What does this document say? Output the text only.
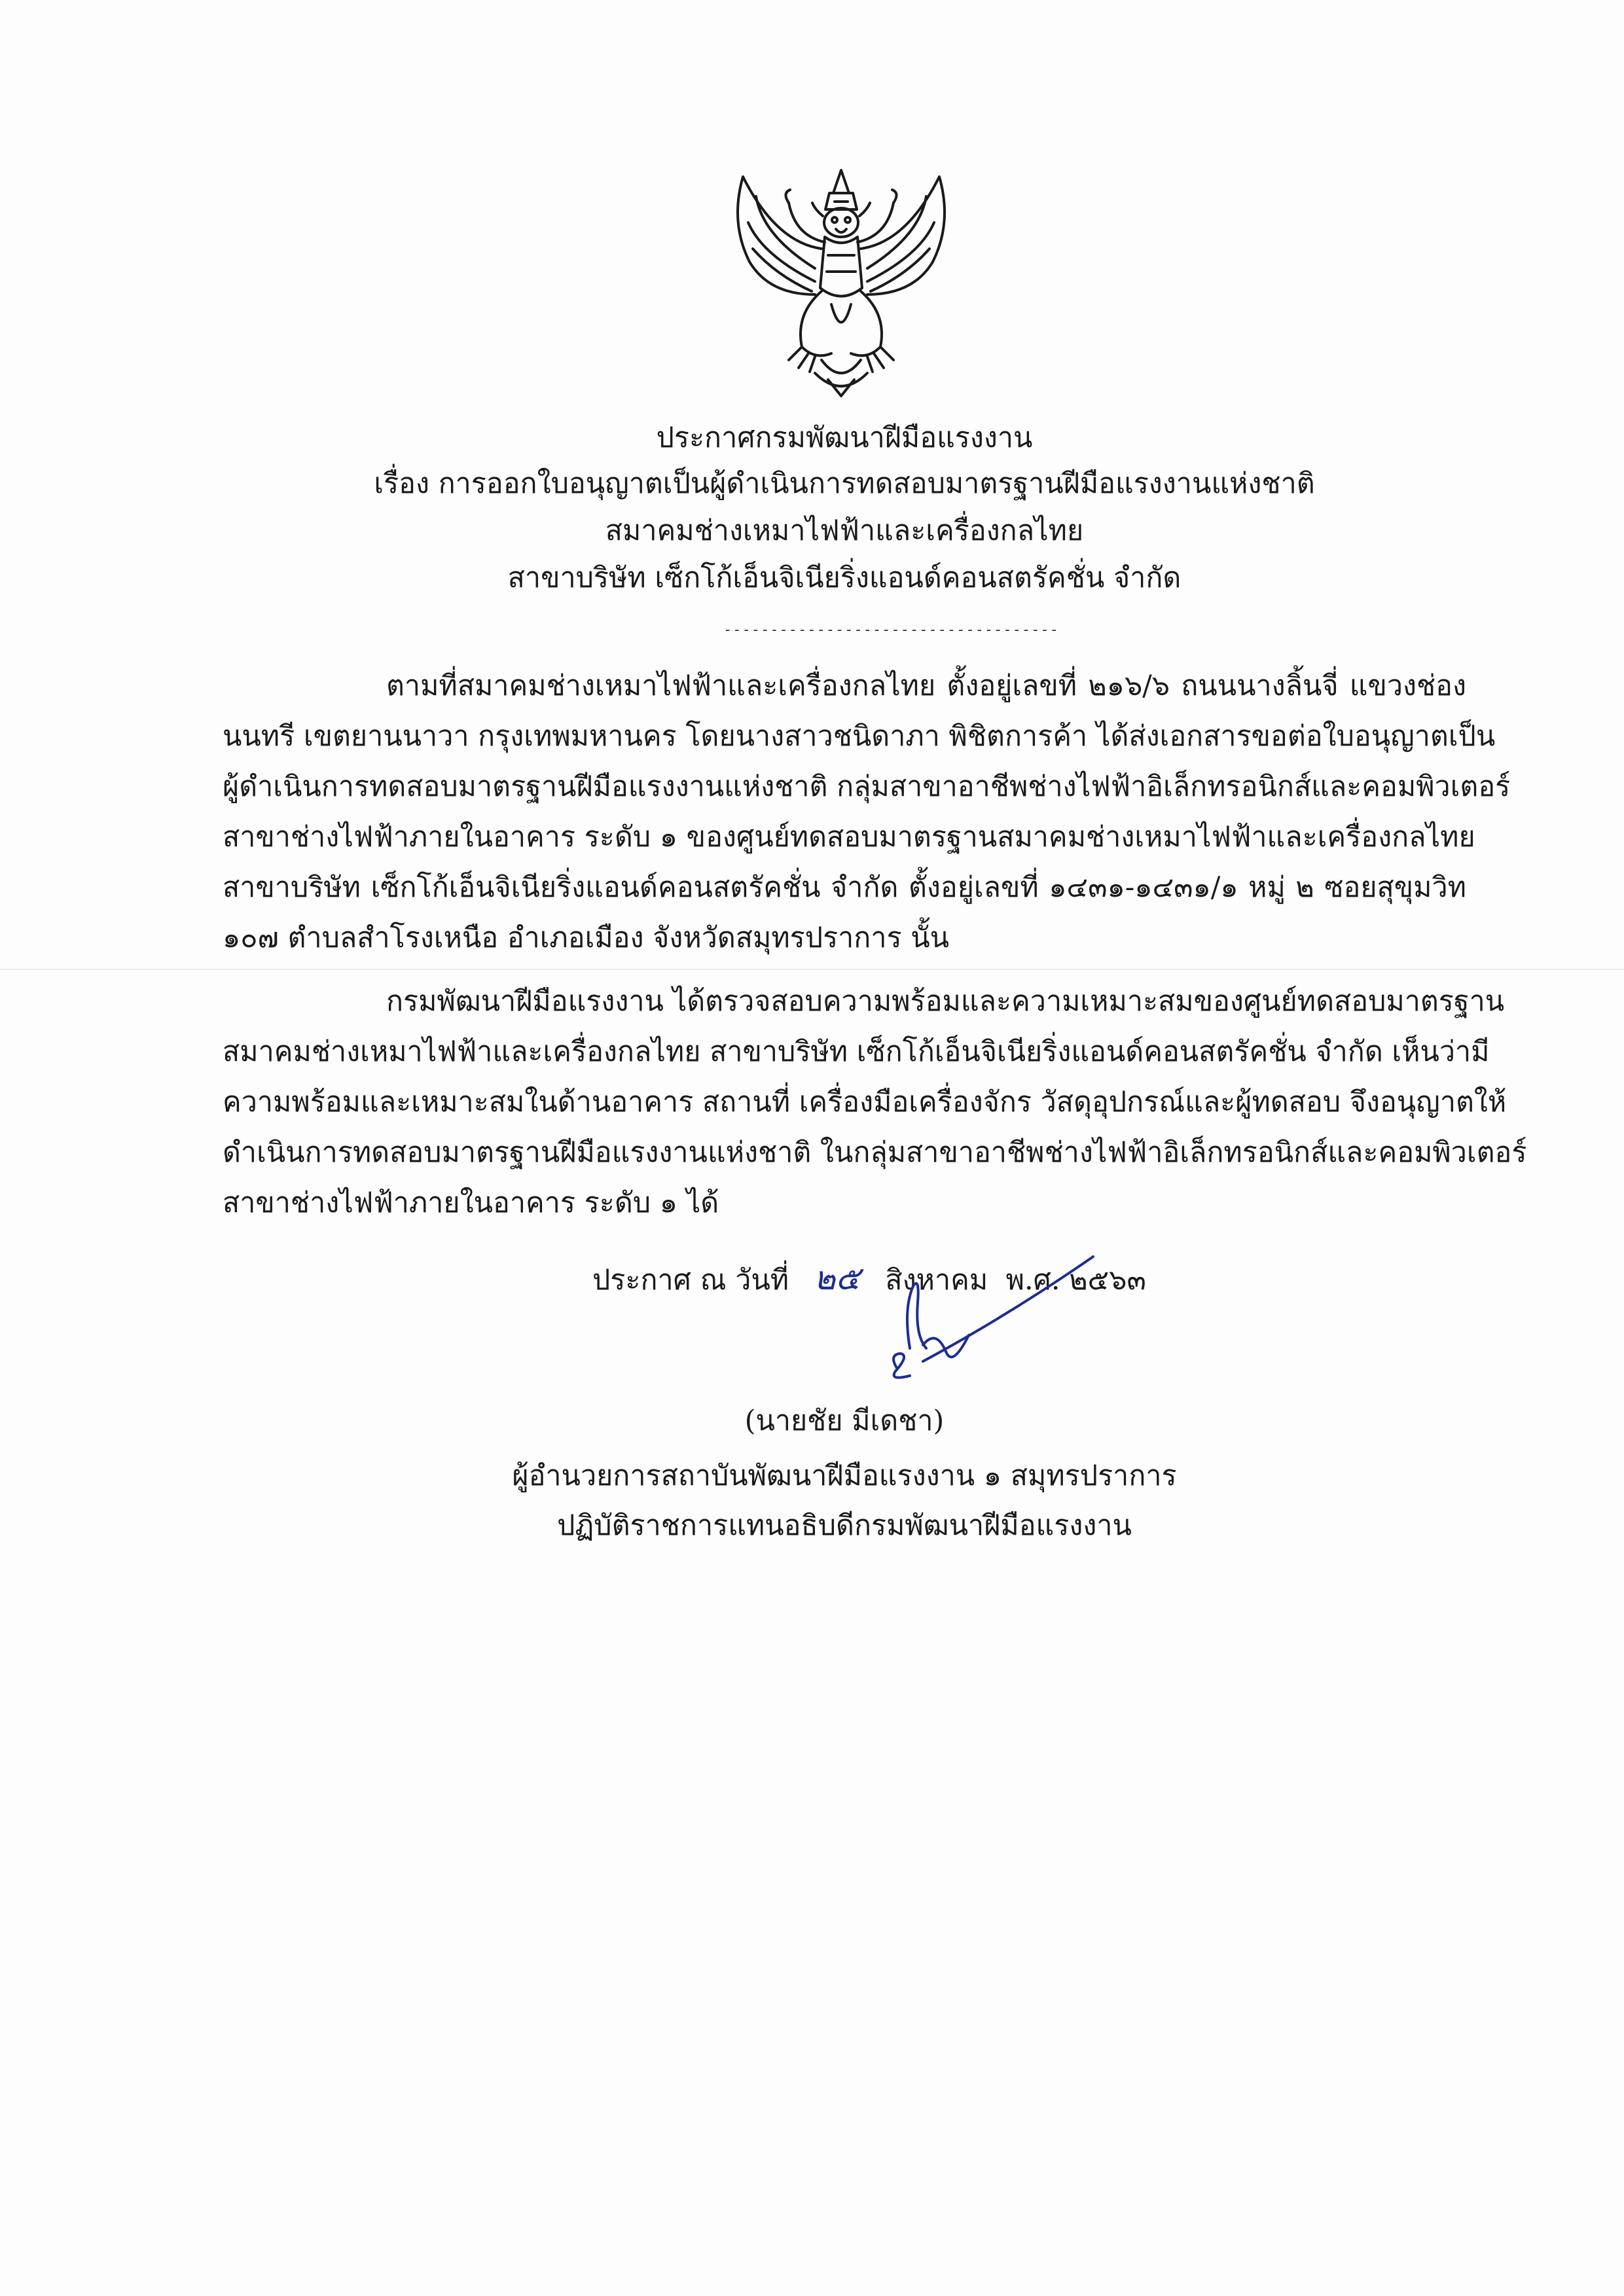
ประกาศกรมพัฒนาฝีมือแรงงาน
เรื่อง การออกใบอนุญาตเป็นผู้ดำเนินการทดสอบมาตรฐานฝีมือแรงงานแห่งชาติ
สมาคมช่างเหมาไฟฟ้าและเครื่องกลไทย
สาขาบริษัท เซ็กโก้เอ็นจิเนียริ่งแอนด์คอนสตรัคชั่น จำกัด
------------------------------------
ตามที่สมาคมช่างเหมาไฟฟ้าและเครื่องกลไทย ตั้งอยู่เลขที่ ๒๑๖/๖ ถนนนางลิ้นจี่ แขวงช่อง
นนทรี เขตยานนาวา กรุงเทพมหานคร โดยนางสาวชนิดาภา พิชิตการค้า ได้ส่งเอกสารขอต่อใบอนุญาตเป็น
ผู้ดำเนินการทดสอบมาตรฐานฝีมือแรงงานแห่งชาติ กลุ่มสาขาอาชีพช่างไฟฟ้าอิเล็กทรอนิกส์และคอมพิวเตอร์
สาขาช่างไฟฟ้าภายในอาคาร ระดับ ๑ ของศูนย์ทดสอบมาตรฐานสมาคมช่างเหมาไฟฟ้าและเครื่องกลไทย
สาขาบริษัท เซ็กโก้เอ็นจิเนียริ่งแอนด์คอนสตรัคชั่น จำกัด ตั้งอยู่เลขที่ ๑๔๓๑-๑๔๓๑/๑ หมู่ ๒ ซอยสุขุมวิท
๑๐๗ ตำบลสำโรงเหนือ อำเภอเมือง จังหวัดสมุทรปราการ นั้น
กรมพัฒนาฝีมือแรงงาน ได้ตรวจสอบความพร้อมและความเหมาะสมของศูนย์ทดสอบมาตรฐาน
สมาคมช่างเหมาไฟฟ้าและเครื่องกลไทย สาขาบริษัท เซ็กโก้เอ็นจิเนียริ่งแอนด์คอนสตรัคชั่น จำกัด เห็นว่ามี
ความพร้อมและเหมาะสมในด้านอาคาร สถานที่ เครื่องมือเครื่องจักร วัสดุอุปกรณ์และผู้ทดสอบ จึงอนุญาตให้
ดำเนินการทดสอบมาตรฐานฝีมือแรงงานแห่งชาติ ในกลุ่มสาขาอาชีพช่างไฟฟ้าอิเล็กทรอนิกส์และคอมพิวเตอร์
สาขาช่างไฟฟ้าภายในอาคาร ระดับ ๑ ได้
ประกาศ ณ วันที่ ๒๕ สิงหาคม พ.ศ. ๒๕๖๓
(นายชัย มีเดชา)
ผู้อำนวยการสถาบันพัฒนาฝีมือแรงงาน ๑ สมุทรปราการ
ปฏิบัติราชการแทนอธิบดีกรมพัฒนาฝีมือแรงงาน
